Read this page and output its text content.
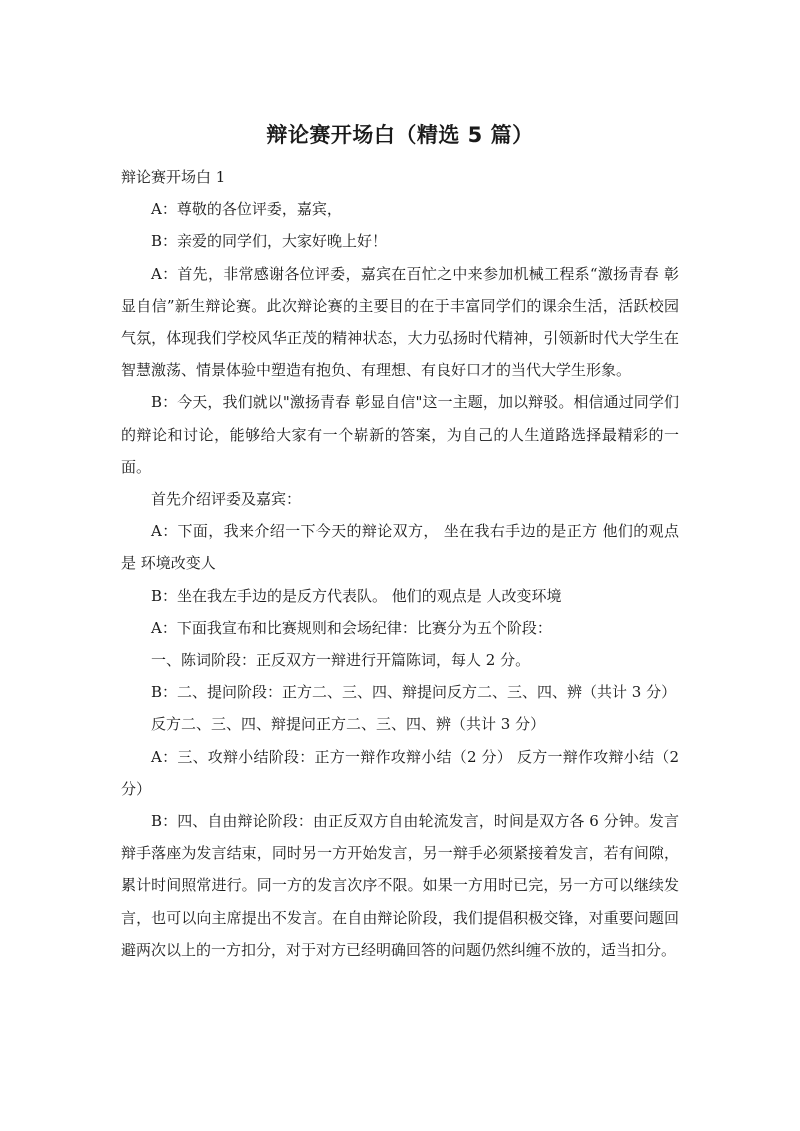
辩论赛开场白（精选 5 篇）

辩论赛开场白 1

A：尊敬的各位评委，嘉宾，

B：亲爱的同学们，大家好晚上好！

A：首先，非常感谢各位评委，嘉宾在百忙之中来参加机械工程系“激扬青春 彰显自信”新生辩论赛。此次辩论赛的主要目的在于丰富同学们的课余生活，活跃校园气氛，体现我们学校风华正茂的精神状态，大力弘扬时代精神，引领新时代大学生在智慧激荡、情景体验中塑造有抱负、有理想、有良好口才的当代大学生形象。

B：今天，我们就以"激扬青春 彰显自信"这一主题，加以辩驳。相信通过同学们的辩论和讨论，能够给大家有一个崭新的答案，为自己的人生道路选择最精彩的一面。

首先介绍评委及嘉宾：

A：下面，我来介绍一下今天的辩论双方， 坐在我右手边的是正方 他们的观点是 环境改变人

B：坐在我左手边的是反方代表队。 他们的观点是 人改变环境

A：下面我宣布和比赛规则和会场纪律：比赛分为五个阶段：

一、陈词阶段：正反双方一辩进行开篇陈词，每人 2 分。

B：二、提问阶段：正方二、三、四、辩提问反方二、三、四、辨（共计 3 分）

反方二、三、四、辩提问正方二、三、四、辨（共计 3 分）

A：三、攻辩小结阶段：正方一辩作攻辩小结（2 分） 反方一辩作攻辩小结（2 分）

B：四、自由辩论阶段：由正反双方自由轮流发言，时间是双方各 6 分钟。发言辩手落座为发言结束，同时另一方开始发言，另一辩手必须紧接着发言，若有间隙，累计时间照常进行。同一方的发言次序不限。如果一方用时已完，另一方可以继续发言，也可以向主席提出不发言。在自由辩论阶段，我们提倡积极交锋，对重要问题回避两次以上的一方扣分，对于对方已经明确回答的问题仍然纠缠不放的，适当扣分。
